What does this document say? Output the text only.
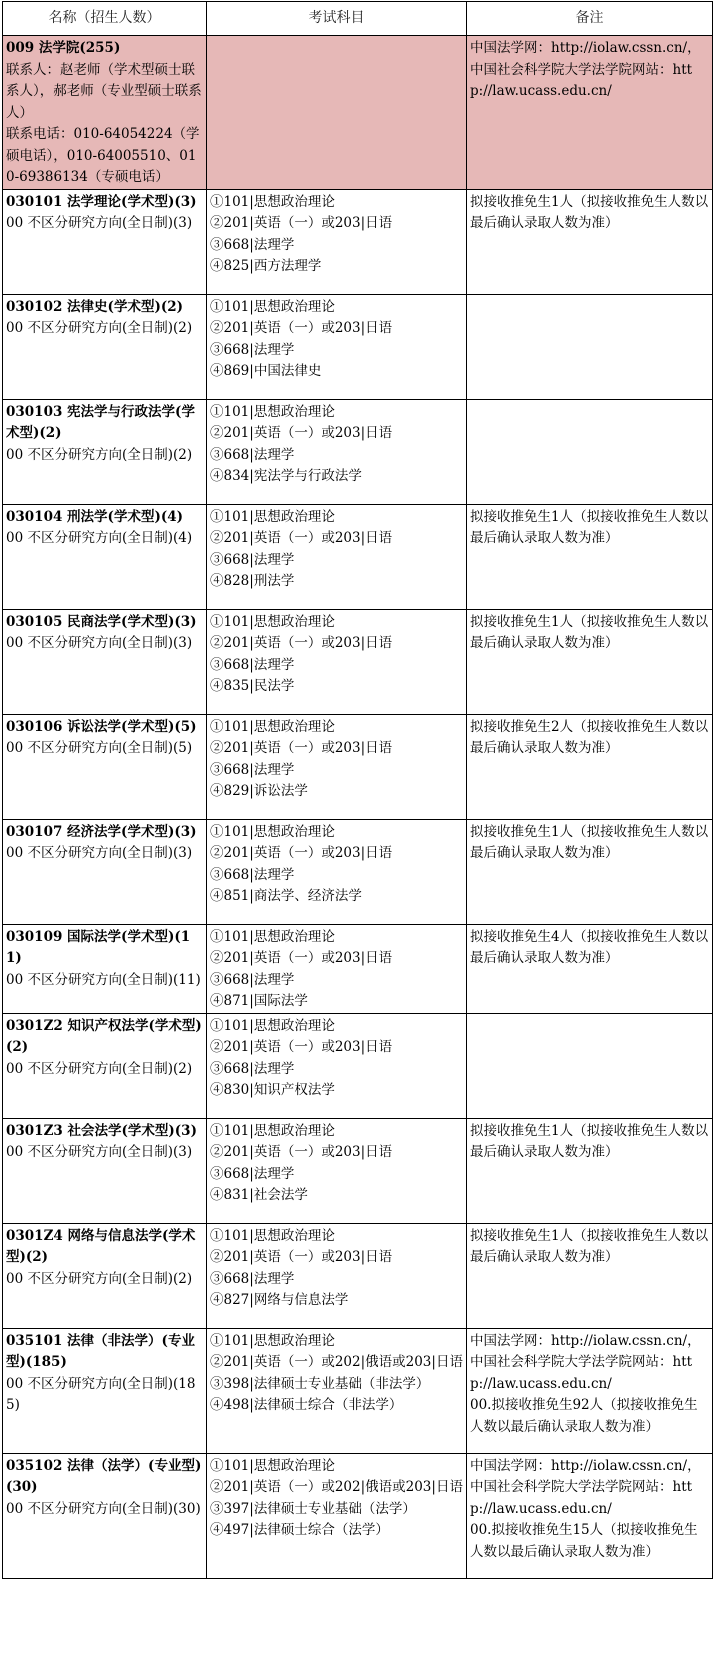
名称（招生人数）	考试科目	备注

009 法学院(255)
联系人：赵老师（学术型硕士联系人），郝老师（专业型硕士联系人）
联系电话：010-64054224（学硕电话），010-64005510、010-69386134（专硕电话）		中国法学网：http://iolaw.cssn.cn/，中国社会科学院大学法学院网站：http://law.ucass.edu.cn/

030101 法学理论(学术型)(3)
00 不区分研究方向(全日制)(3)	①101|思想政治理论
②201|英语（一）或203|日语
③668|法理学
④825|西方法理学	拟接收推免生1人（拟接收推免生人数以最后确认录取人数为准）

030102 法律史(学术型)(2)
00 不区分研究方向(全日制)(2)	①101|思想政治理论
②201|英语（一）或203|日语
③668|法理学
④869|中国法律史	

030103 宪法学与行政法学(学术型)(2)
00 不区分研究方向(全日制)(2)	①101|思想政治理论
②201|英语（一）或203|日语
③668|法理学
④834|宪法学与行政法学	

030104 刑法学(学术型)(4)
00 不区分研究方向(全日制)(4)	①101|思想政治理论
②201|英语（一）或203|日语
③668|法理学
④828|刑法学	拟接收推免生1人（拟接收推免生人数以最后确认录取人数为准）

030105 民商法学(学术型)(3)
00 不区分研究方向(全日制)(3)	①101|思想政治理论
②201|英语（一）或203|日语
③668|法理学
④835|民法学	拟接收推免生1人（拟接收推免生人数以最后确认录取人数为准）

030106 诉讼法学(学术型)(5)
00 不区分研究方向(全日制)(5)	①101|思想政治理论
②201|英语（一）或203|日语
③668|法理学
④829|诉讼法学	拟接收推免生2人（拟接收推免生人数以最后确认录取人数为准）

030107 经济法学(学术型)(3)
00 不区分研究方向(全日制)(3)	①101|思想政治理论
②201|英语（一）或203|日语
③668|法理学
④851|商法学、经济法学	拟接收推免生1人（拟接收推免生人数以最后确认录取人数为准）

030109 国际法学(学术型)(11)
00 不区分研究方向(全日制)(11)	①101|思想政治理论
②201|英语（一）或203|日语
③668|法理学
④871|国际法学	拟接收推免生4人（拟接收推免生人数以最后确认录取人数为准）

0301Z2 知识产权法学(学术型)(2)
00 不区分研究方向(全日制)(2)	①101|思想政治理论
②201|英语（一）或203|日语
③668|法理学
④830|知识产权法学	

0301Z3 社会法学(学术型)(3)
00 不区分研究方向(全日制)(3)	①101|思想政治理论
②201|英语（一）或203|日语
③668|法理学
④831|社会法学	拟接收推免生1人（拟接收推免生人数以最后确认录取人数为准）

0301Z4 网络与信息法学(学术型)(2)
00 不区分研究方向(全日制)(2)	①101|思想政治理论
②201|英语（一）或203|日语
③668|法理学
④827|网络与信息法学	拟接收推免生1人（拟接收推免生人数以最后确认录取人数为准）

035101 法律（非法学）(专业型)(185)
00 不区分研究方向(全日制)(185)	①101|思想政治理论
②201|英语（一）或202|俄语或203|日语
③398|法律硕士专业基础（非法学）
④498|法律硕士综合（非法学）	中国法学网：http://iolaw.cssn.cn/，中国社会科学院大学法学院网站：http://law.ucass.edu.cn/
00.拟接收推免生92人（拟接收推免生人数以最后确认录取人数为准）

035102 法律（法学）(专业型)(30)
00 不区分研究方向(全日制)(30)	①101|思想政治理论
②201|英语（一）或202|俄语或203|日语
③397|法律硕士专业基础（法学）
④497|法律硕士综合（法学）	中国法学网：http://iolaw.cssn.cn/，中国社会科学院大学法学院网站：http://law.ucass.edu.cn/
00.拟接收推免生15人（拟接收推免生人数以最后确认录取人数为准）
